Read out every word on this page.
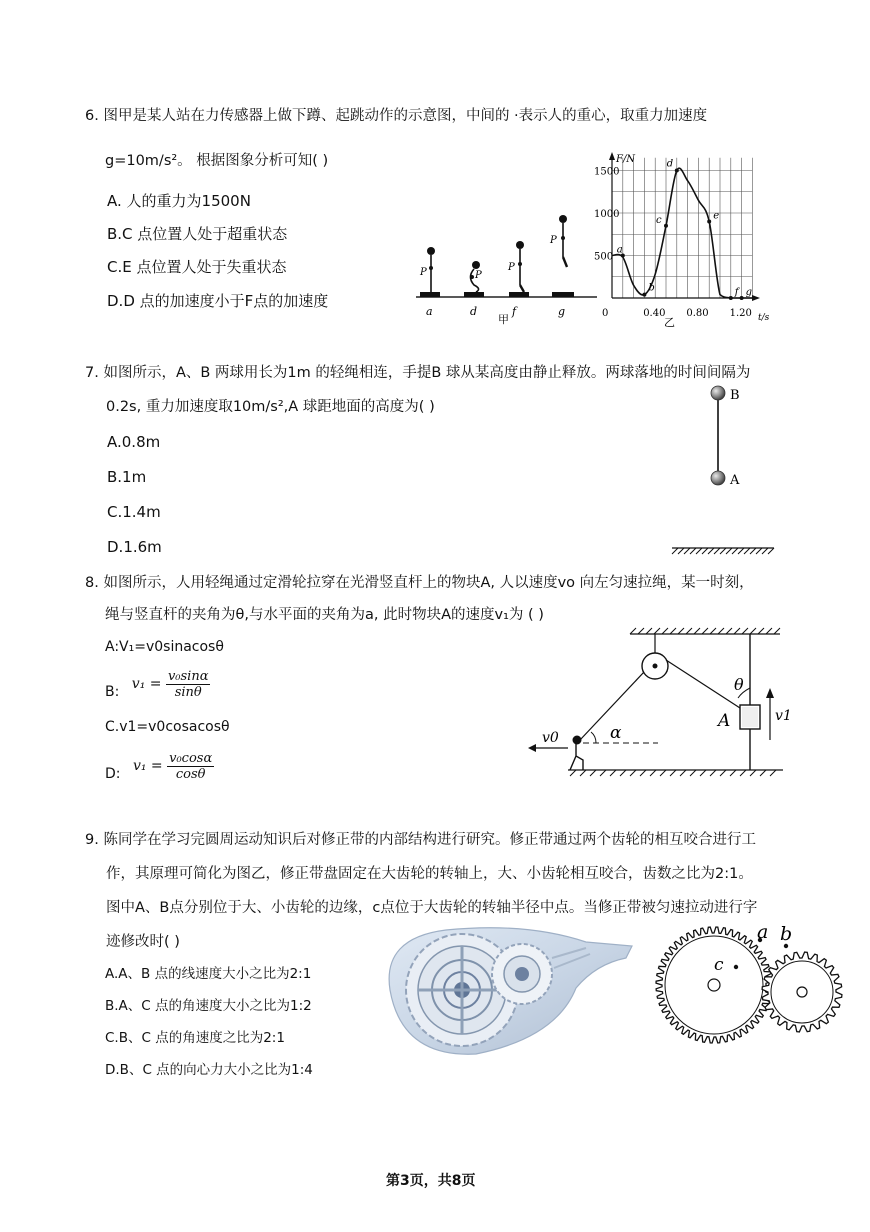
6. 图甲是某人站在力传感器上做下蹲、起跳动作的示意图，中间的 ·表示人的重心，取重力加速度
g=10m/s²。 根据图象分析可知( )
A. 人的重力为1500N
B.C 点位置人处于超重状态
C.E 点位置人处于失重状态
D.D 点的加速度小于F点的加速度
P
a
P
d
P
f
甲
P
g
F/N
t/s
0
乙
500
1000
1500
0.40 0.80 1.20
a
b
c
d
e
f g
7. 如图所示，A、B 两球用长为1m 的轻绳相连，手提B 球从某高度由静止释放。两球落地的时间间隔为
0.2s, 重力加速度取10m/s²,A 球距地面的高度为( )
A.0.8m
B.1m
C.1.4m
D.1.6m
B
A
8. 如图所示，人用轻绳通过定滑轮拉穿在光滑竖直杆上的物块A, 人以速度vo 向左匀速拉绳，某一时刻，
绳与竖直杆的夹角为θ,与水平面的夹角为a, 此时物块A的速度v₁为 ( )
A:V₁=v0sinacosθ
B: $v_1 = \frac{\text{v₀sinα}}{\sin\theta}$
C.v1=v0cosacosθ
D: $v_1 = \frac{\text{v₀cosα}}{\cos\theta}$
θ
A	v1
α
v0
9. 陈同学在学习完圆周运动知识后对修正带的内部结构进行研究。修正带通过两个齿轮的相互咬合进行工
作，其原理可简化为图乙，修正带盘固定在大齿轮的转轴上，大、小齿轮相互咬合，齿数之比为2:1。
图中A、B点分别位于大、小齿轮的边缘，c点位于大齿轮的转轴半径中点。当修正带被匀速拉动进行字
迹修改时( )
A.A、B 点的线速度大小之比为2:1
B.A、C 点的角速度大小之比为1:2
C.B、C 点的角速度之比为2:1
D.B、C 点的向心力大小之比为1:4
c
a b
第3页，共8页
